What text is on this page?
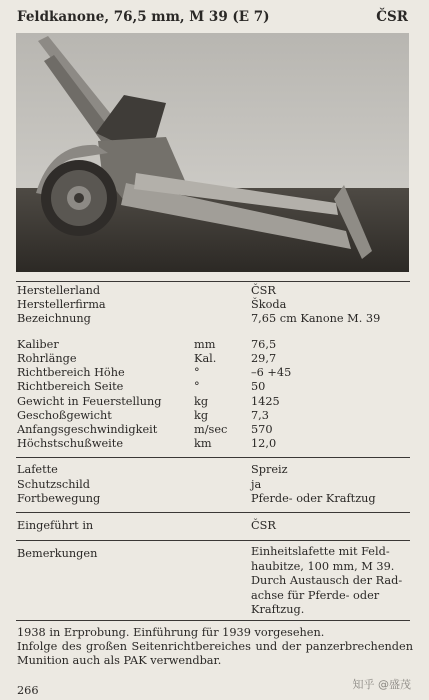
Feldkanone, 76,5 mm, M 39 (E 7)	ČSR
Herstellerland	ČSR
Herstellerfirma	Škoda
Bezeichnung	7,65 cm Kanone M. 39
Kaliber	mm	76,5
Rohrlänge	Kal.	29,7
Richtbereich Höhe	°	–6 +45
Richtbereich Seite	°	50
Gewicht in Feuerstellung	kg	1425
Geschoßgewicht	kg	7,3
Anfangsgeschwindigkeit	m/sec 570
Höchstschußweite	km	12,0
Lafette	Spreiz
Schutzschild	ja
Fortbewegung	Pferde- oder Kraftzug
Eingeführt in	ČSR
Bemerkungen	Einheitslafette mit Feld-
haubitze, 100 mm, M 39.
Durch Austausch der Rad-
achse für Pferde- oder
Kraftzug.
1938 in Erprobung. Einführung für 1939 vorgesehen.
Infolge des großen Seitenrichtbereiches und der panzerbrechenden
Munition auch als PAK verwendbar.
266	知乎 @盛茂
